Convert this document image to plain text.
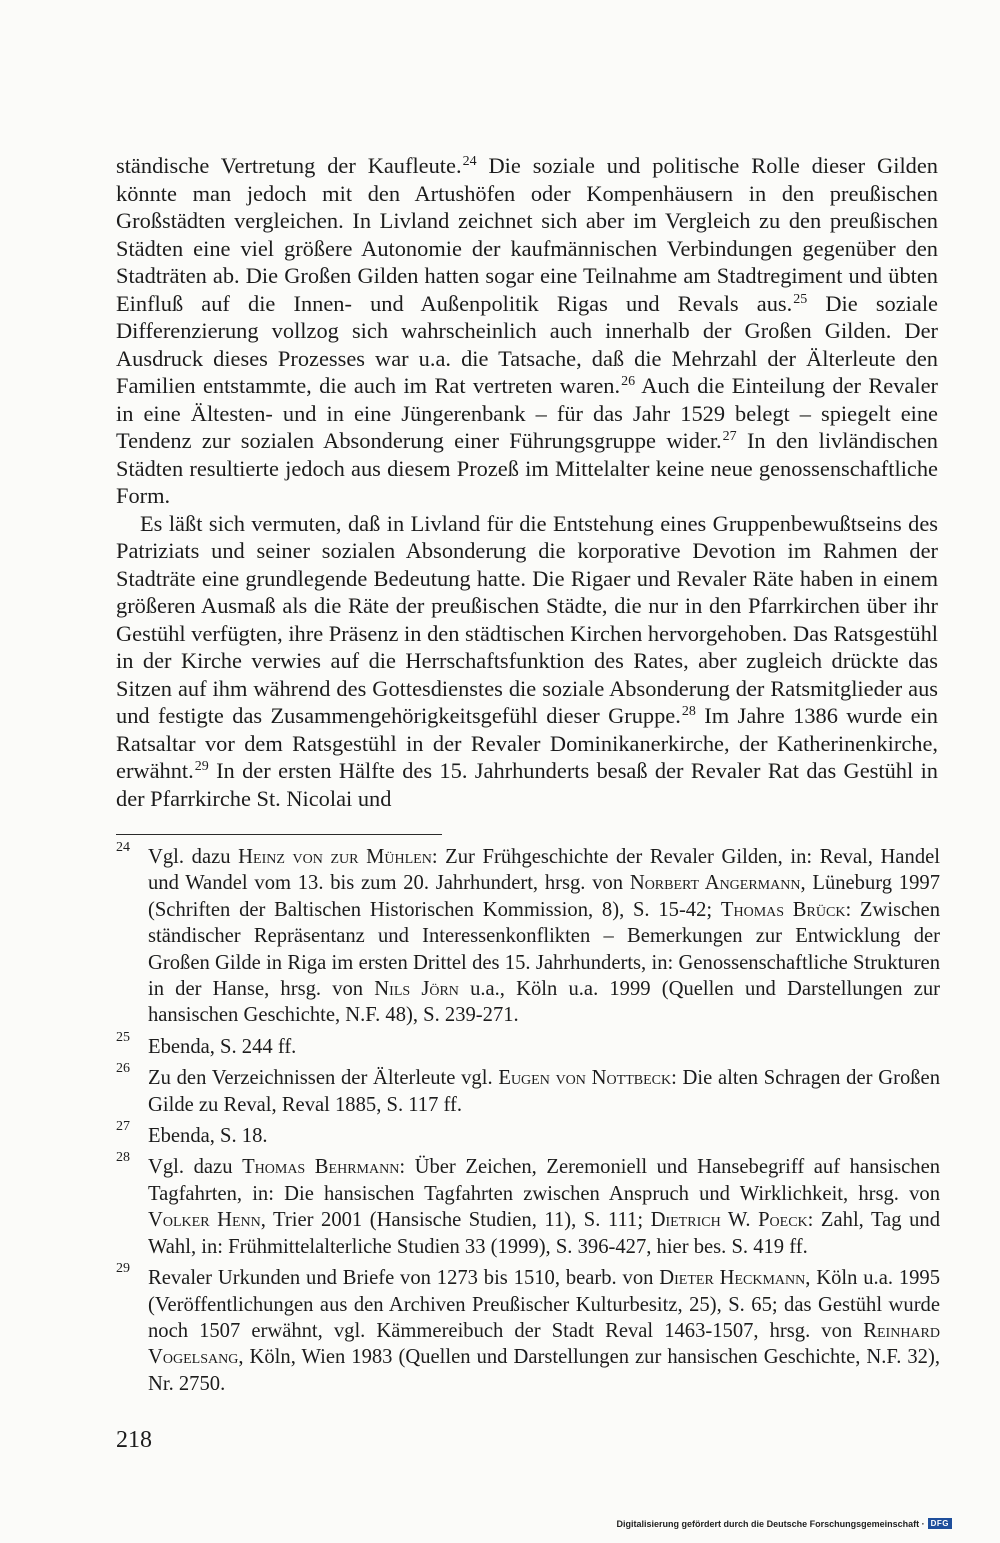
ständische Vertretung der Kaufleute.$^{24}$ Die soziale und politische Rolle dieser Gilden könnte man jedoch mit den Artushöfen oder Kompenhäusern in den preußischen Großstädten vergleichen. In Livland zeichnet sich aber im Vergleich zu den preußischen Städten eine viel größere Autonomie der kaufmännischen Verbindungen gegenüber den Stadträten ab. Die Großen Gilden hatten sogar eine Teilnahme am Stadtregiment und übten Einfluß auf die Innen- und Außenpolitik Rigas und Revals aus.$^{25}$ Die soziale Differenzierung vollzog sich wahrscheinlich auch innerhalb der Großen Gilden. Der Ausdruck dieses Prozesses war u.a. die Tatsache, daß die Mehrzahl der Älterleute den Familien entstammte, die auch im Rat vertreten waren.$^{26}$ Auch die Einteilung der Revaler in eine Ältesten- und in eine Jüngerenbank – für das Jahr 1529 belegt – spiegelt eine Tendenz zur sozialen Absonderung einer Führungsgruppe wider.$^{27}$ In den livländischen Städten resultierte jedoch aus diesem Prozeß im Mittelalter keine neue genossenschaftliche Form.

Es läßt sich vermuten, daß in Livland für die Entstehung eines Gruppenbewußtseins des Patriziats und seiner sozialen Absonderung die korporative Devotion im Rahmen der Stadträte eine grundlegende Bedeutung hatte. Die Rigaer und Revaler Räte haben in einem größeren Ausmaß als die Räte der preußischen Städte, die nur in den Pfarrkirchen über ihr Gestühl verfügten, ihre Präsenz in den städtischen Kirchen hervorgehoben. Das Ratsgestühl in der Kirche verwies auf die Herrschaftsfunktion des Rates, aber zugleich drückte das Sitzen auf ihm während des Gottesdienstes die soziale Absonderung der Ratsmitglieder aus und festigte das Zusammengehörigkeitsgefühl dieser Gruppe.$^{28}$ Im Jahre 1386 wurde ein Ratsaltar vor dem Ratsgestühl in der Revaler Dominikanerkirche, der Katherinenkirche, erwähnt.$^{29}$ In der ersten Hälfte des 15. Jahrhunderts besaß der Revaler Rat das Gestühl in der Pfarrkirche St. Nicolai und

24 Vgl. dazu Heinz von zur Mühlen: Zur Frühgeschichte der Revaler Gilden, in: Reval, Handel und Wandel vom 13. bis zum 20. Jahrhundert, hrsg. von Norbert Angermann, Lüneburg 1997 (Schriften der Baltischen Historischen Kommission, 8), S. 15-42; Thomas Brück: Zwischen ständischer Repräsentanz und Interessenkonflikten – Bemerkungen zur Entwicklung der Großen Gilde in Riga im ersten Drittel des 15. Jahrhunderts, in: Genossenschaftliche Strukturen in der Hanse, hrsg. von Nils Jörn u.a., Köln u.a. 1999 (Quellen und Darstellungen zur hansischen Geschichte, N.F. 48), S. 239-271.
25 Ebenda, S. 244 ff.
26 Zu den Verzeichnissen der Älterleute vgl. Eugen von Nottbeck: Die alten Schragen der Großen Gilde zu Reval, Reval 1885, S. 117 ff.
27 Ebenda, S. 18.
28 Vgl. dazu Thomas Behrmann: Über Zeichen, Zeremoniell und Hansebegriff auf hansischen Tagfahrten, in: Die hansischen Tagfahrten zwischen Anspruch und Wirklichkeit, hrsg. von Volker Henn, Trier 2001 (Hansische Studien, 11), S. 111; Dietrich W. Poeck: Zahl, Tag und Wahl, in: Frühmittelalterliche Studien 33 (1999), S. 396-427, hier bes. S. 419 ff.
29 Revaler Urkunden und Briefe von 1273 bis 1510, bearb. von Dieter Heckmann, Köln u.a. 1995 (Veröffentlichungen aus den Archiven Preußischer Kulturbesitz, 25), S. 65; das Gestühl wurde noch 1507 erwähnt, vgl. Kämmereibuch der Stadt Reval 1463-1507, hrsg. von Reinhard Vogelsang, Köln, Wien 1983 (Quellen und Darstellungen zur hansischen Geschichte, N.F. 32), Nr. 2750.
218
Digitalisierung gefördert durch die Deutsche Forschungsgemeinschaft · DFG
